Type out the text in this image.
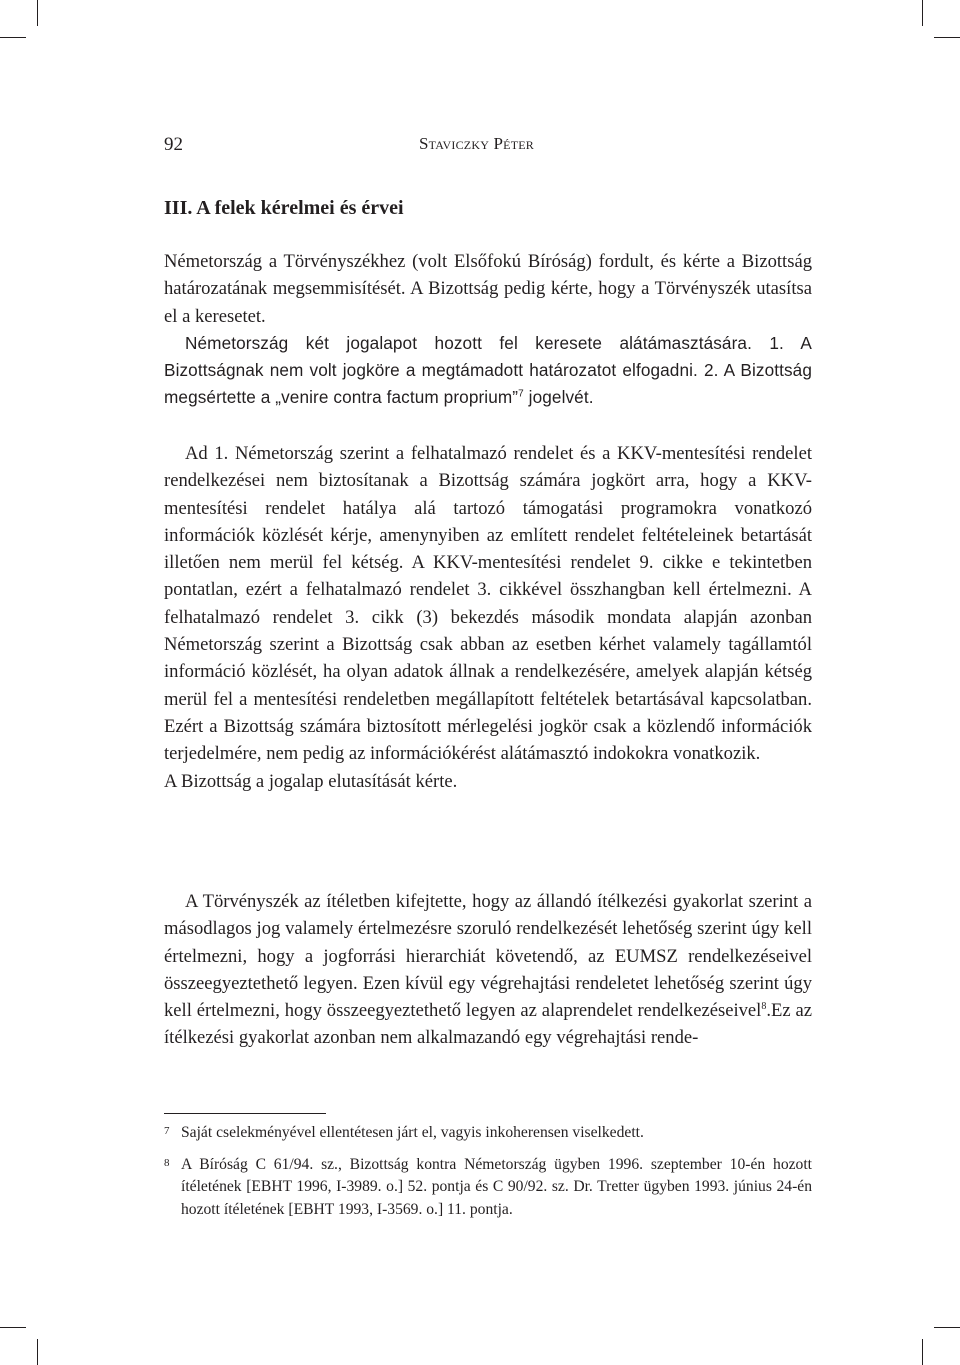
92	Staviczky Péter
III. A felek kérelmei és érvei

Németország a Törvényszékhez (volt Elsőfokú Bíróság) fordult, és kérte a Bizottság határozatának megsemmisítését. A Bizottság pedig kérte, hogy a Törvényszék utasítsa el a keresetet.

Németország két jogalapot hozott fel keresete alátámasztására. 1. A Bizottságnak nem volt jogköre a megtámadott határozatot elfogadni. 2. A Bizottság megsértette a „venire contra factum proprium”$^7$ jogelvét.

Ad 1. Németország szerint a felhatalmazó rendelet és a KKV-mentesítési rendelet rendelkezései nem biztosítanak a Bizottság számára jogkört arra, hogy a KKV-mentesítési rendelet hatálya alá tartozó támogatási programokra vonatkozó információk közlését kérje, amenynyiben az említett rendelet feltételeinek betartását illetően nem merül fel kétség. A KKV-mentesítési rendelet 9. cikke e tekintetben pontatlan, ezért a felhatalmazó rendelet 3. cikkével összhangban kell értelmezni. A felhatalmazó rendelet 3. cikk (3) bekezdés második mondata alapján azonban Németország szerint a Bizottság csak abban az esetben kérhet valamely tagállamtól információ közlését, ha olyan adatok állnak a rendelkezésére, amelyek alapján kétség merül fel a mentesítési rendeletben megállapított feltételek betartásával kapcsolatban. Ezért a Bizottság számára biztosított mérlegelési jogkör csak a közlendő információk terjedelmére, nem pedig az információkérést alátámasztó indokokra vonatkozik.

A Bizottság a jogalap elutasítását kérte.

A Törvényszék az ítéletben kifejtette, hogy az állandó ítélkezési gyakorlat szerint a másodlagos jog valamely értelmezésre szoruló rendelkezését lehetőség szerint úgy kell értelmezni, hogy a jogforrási hierarchiát követendő, az EUMSZ rendelkezéseivel összeegyeztethető legyen. Ezen kívül egy végrehajtási rendeletet lehetőség szerint úgy kell értelmezni, hogy összeegyeztethető legyen az alaprendelet rendelkezéseivel$^8$.Ez az ítélkezési gyakorlat azonban nem alkalmazandó egy végrehajtási rende-

7 Saját cselekményével ellentétesen járt el, vagyis inkoherensen viselkedett.
8 A Bíróság C 61/94. sz., Bizottság kontra Németország ügyben 1996. szeptember 10-én hozott ítéletének [EBHT 1996, I-3989. o.] 52. pontja és C 90/92. sz. Dr. Tretter ügyben 1993. június 24-én hozott ítéletének [EBHT 1993, I-3569. o.] 11. pontja.
